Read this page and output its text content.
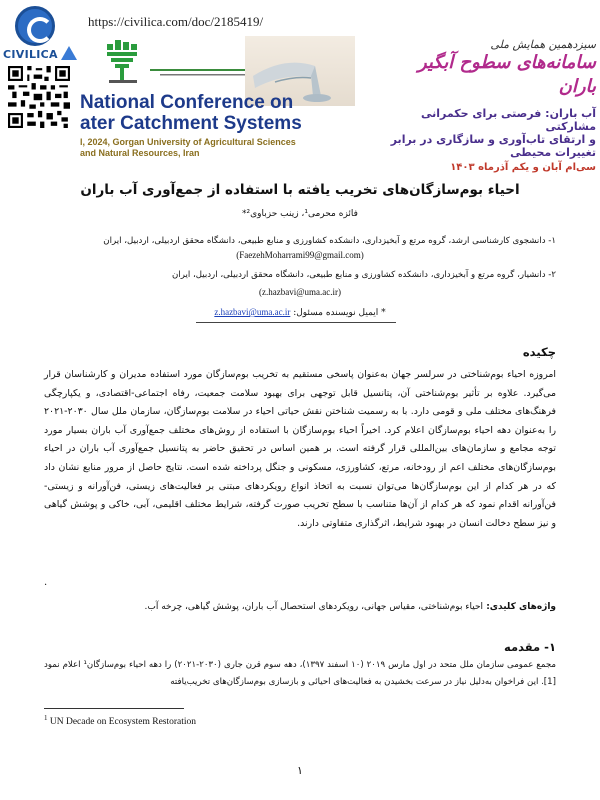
CIVILICA
https://civilica.com/doc/2185419/
National Conference on
ater Catchment Systems
l, 2024, Gorgan University of Agricultural Sciences
and Natural Resources, Iran
سیزدهمین همایش ملی
سامانه‌های سطوح آبگیر باران
آب باران: فرصتی برای حکمرانی مشارکتی
و ارتقای تاب‌آوری و سازگاری در برابر تغییرات محیطی
سی‌ام آبان و یکم آذرماه ۱۴۰۳
احیاء بوم‌سازگان‌های تخریب یافته با استفاده از جمع‌آوری آب باران
فائزه محرمی¹، زینب حزباوی²*
۱- دانشجوی کارشناسی ارشد، گروه مرتع و آبخیزداری، دانشکده کشاورزی و منابع طبیعی، دانشگاه محقق اردبیلی، اردبیل، ایران
(FaezehMoharrami99@gmail.com)
۲- دانشیار، گروه مرتع و آبخیزداری، دانشکده کشاورزی و منابع طبیعی، دانشگاه محقق اردبیلی، اردبیل، ایران
(z.hazbavi@uma.ac.ir)
* ایمیل نویسنده مسئول: z.hazbavi@uma.ac.ir
چکیده
امروزه احیاء بوم‌شناختی در سرلسر جهان به‌عنوان پاسخی مستقیم به تخریب بوم‌سازگان مورد استفاده مدیران و کارشناسان قرار می‌گیرد. علاوه بر تأثیر بوم‌شناختی آن، پتانسیل قابل توجهی برای بهبود سلامت جمعیت، رفاه اجتماعی-اقتصادی، و یکپارچگی فرهنگ‌های مختلف ملی و قومی دارد. با به رسمیت شناختن نقش حیاتی احیاء در سلامت بوم‌سازگان، سازمان ملل سال ۲۰۳۰-۲۰۲۱ را به‌عنوان دهه احیاء بوم‌سازگان اعلام کرد. اخیراً احیاء بوم‌سازگان با استفاده از روش‌های مختلف جمع‌آوری آب باران بسیار مورد توجه مجامع و سازمان‌های بین‌المللی قرار گرفته است. بر همین اساس در تحقیق حاضر به پتانسیل جمع‌آوری آب باران در احیاء بوم‌سازگان‌های مختلف اعم از رودخانه، مرتع، کشاورزی، مسکونی و جنگل پرداخته شده است. نتایج حاصل از مرور منابع نشان داد که در هر کدام از این بوم‌سازگان‌ها می‌توان نسبت به اتخاذ انواع رویکردهای مبتنی بر فعالیت‌های زیستی، فن‌آورانه و زیستی-فن‌آورانه اقدام نمود که هر کدام از آن‌ها متناسب با سطح تخریب صورت گرفته، شرایط مختلف اقلیمی، آبی، خاکی و پوشش گیاهی و نیز سطح دخالت انسان در بهبود شرایط، اثرگذاری متفاوتی دارند.
.
واژه‌های کلیدی: احیاء بوم‌شناختی، مقیاس جهانی، رویکردهای استحصال آب باران، پوشش گیاهی، چرخه آب.
۱- مقدمه
مجمع عمومی سازمان ملل متحد در اول مارس ۲۰۱۹ (۱۰ اسفند ۱۳۹۷)، دهه سوم قرن جاری (۲۰۳۰-۲۰۲۱) را دهه احیاء بوم‌سازگان¹ اعلام نمود [1]. این فراخوان به‌دلیل نیاز در سرعت بخشیدن به فعالیت‌های احیائی و بازسازی بوم‌سازگان‌های تخریب‌یافته
$^1$ UN Decade on Ecosystem Restoration
۱
